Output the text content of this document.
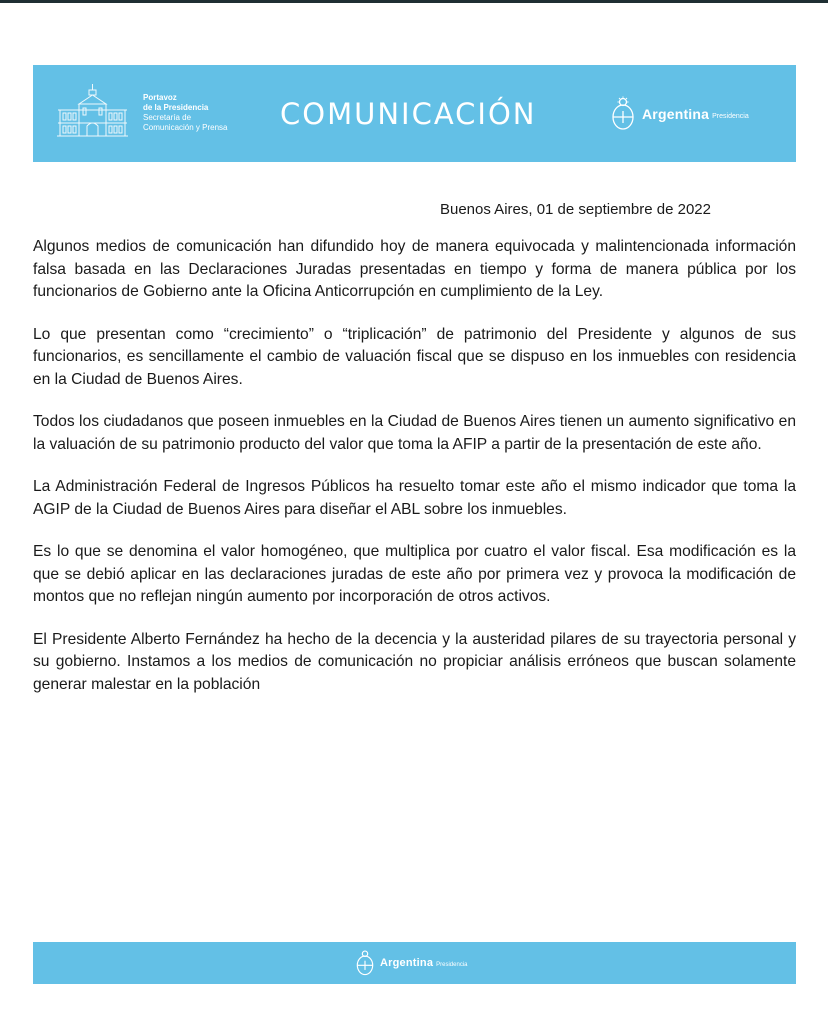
Portavoz
de la Presidencia
Secretaría de
Comunicación y Prensa COMUNICACIÓN	Argentina Presidencia
Buenos Aires, 01 de septiembre de 2022

Algunos medios de comunicación han difundido hoy de manera equivocada y malintencionada información falsa basada en las Declaraciones Juradas presentadas en tiempo y forma de manera pública por los funcionarios de Gobierno ante la Oficina Anticorrupción en cumplimiento de la Ley.

Lo que presentan como “crecimiento” o “triplicación” de patrimonio del Presidente y algunos de sus funcionarios, es sencillamente el cambio de valuación fiscal que se dispuso en los inmuebles con residencia en la Ciudad de Buenos Aires.

Todos los ciudadanos que poseen inmuebles en la Ciudad de Buenos Aires tienen un aumento significativo en la valuación de su patrimonio producto del valor que toma la AFIP a partir de la presentación de este año.

La Administración Federal de Ingresos Públicos ha resuelto tomar este año el mismo indicador que toma la AGIP de la Ciudad de Buenos Aires para diseñar el ABL sobre los inmuebles.

Es lo que se denomina el valor homogéneo, que multiplica por cuatro el valor fiscal. Esa modificación es la que se debió aplicar en las declaraciones juradas de este año por primera vez y provoca la modificación de montos que no reflejan ningún aumento por incorporación de otros activos.

El Presidente Alberto Fernández ha hecho de la decencia y la austeridad pilares de su trayectoria personal y su gobierno. Instamos a los medios de comunicación no propiciar análisis erróneos que buscan solamente generar malestar en la población

Argentina Presidencia
